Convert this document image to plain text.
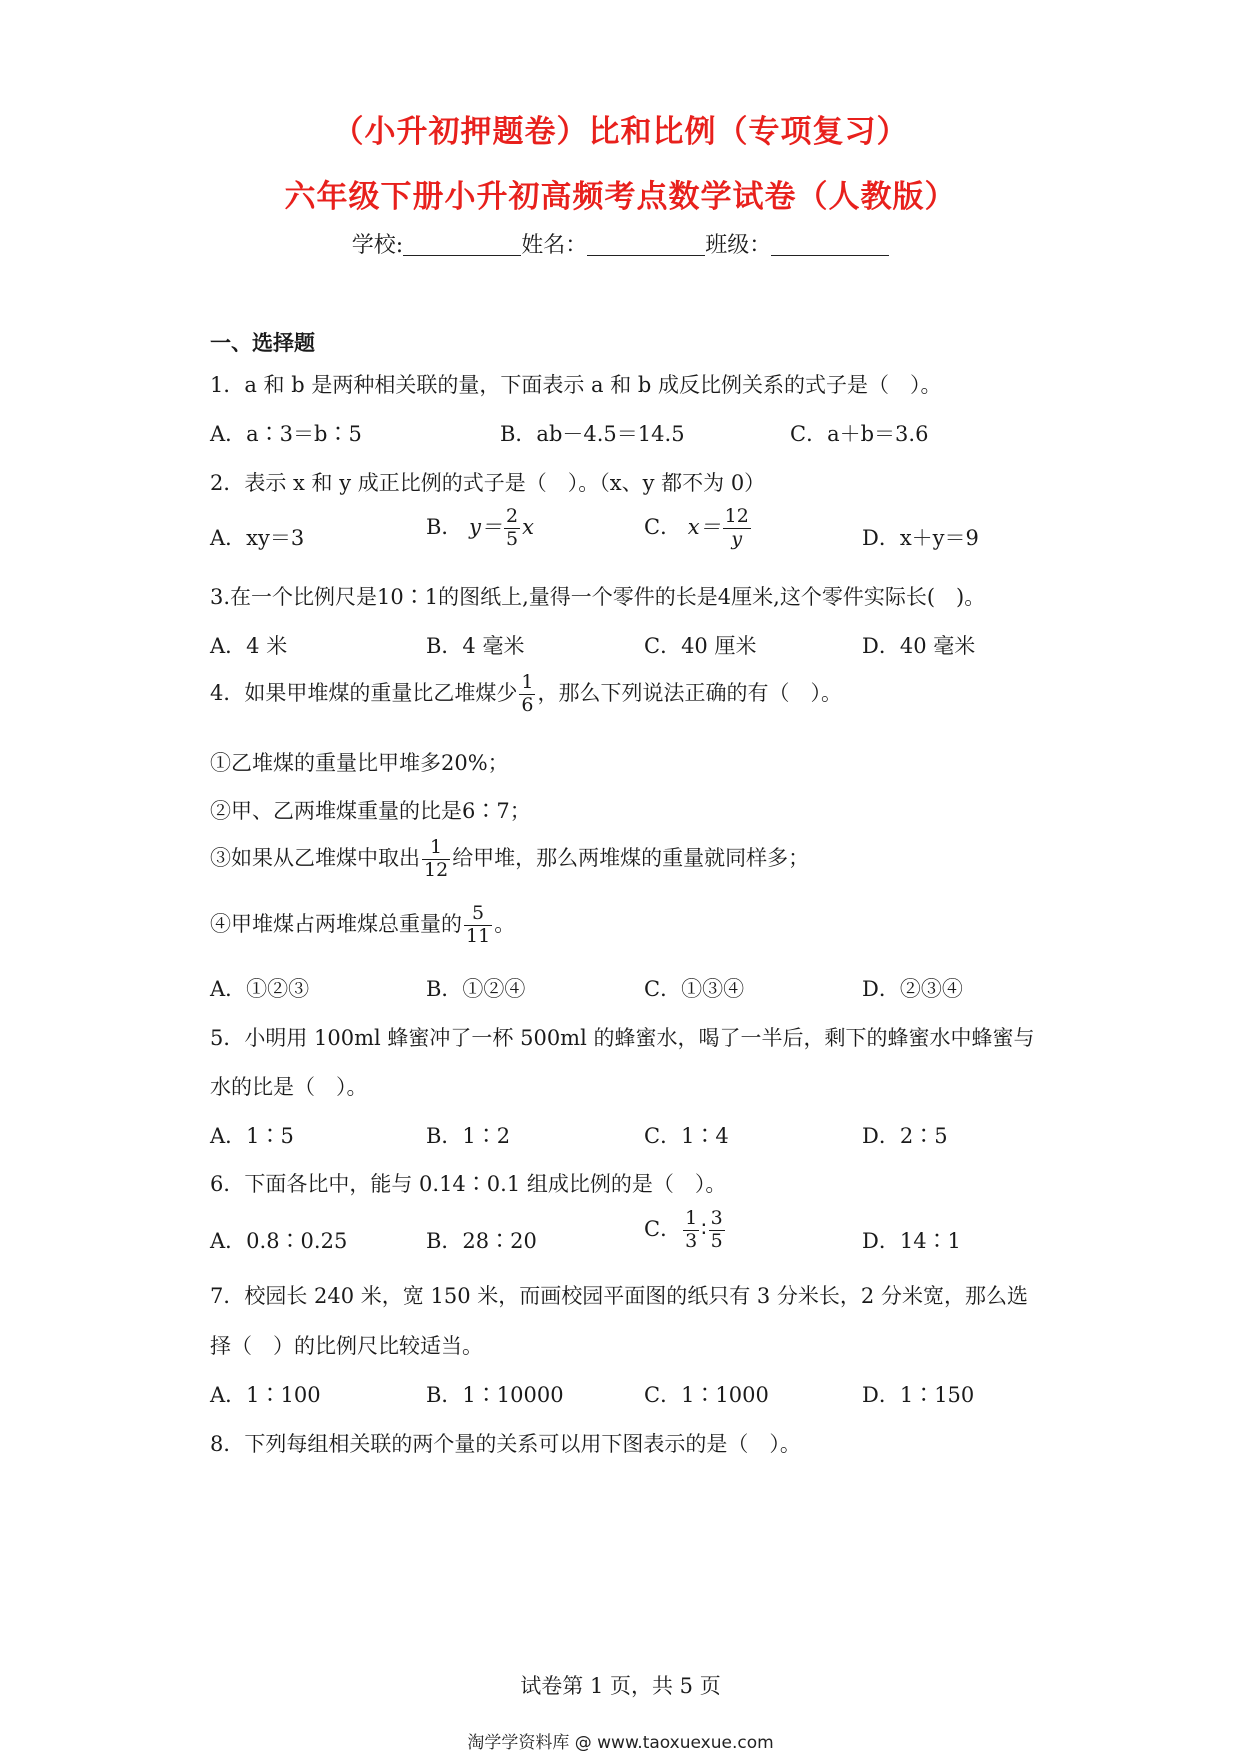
（小升初押题卷）比和比例（专项复习）
六年级下册小升初高频考点数学试卷（人教版）
学校:	姓名：	班级：
一、选择题
1．a 和 b 是两种相关联的量，下面表示 a 和 b 成反比例关系的式子是（　）。
A．a∶3＝b∶5	B．ab－4.5＝14.5	C．a＋b＝3.6
2．表示 x 和 y 成正比例的式子是（　）。（x、y 都不为 0）
A．xy＝3	B． $y= \frac{2}{5}$ x	C． $x= \frac{12}{y}$	D．x＋y＝9
3.在一个比例尺是10∶1的图纸上,量得一个零件的长是4厘米,这个零件实际长(　)。
A．4 米	B．4 毫米	C．40 厘米	D．40 毫米
4．如果甲堆煤的重量比乙堆煤少 $\frac{1}{6}$ ，那么下列说法正确的有（　）。
①乙堆煤的重量比甲堆多20%；
②甲、乙两堆煤重量的比是6∶7；
③如果从乙堆煤中取出 $\frac{1}{12}$ 给甲堆，那么两堆煤的重量就同样多；
④甲堆煤占两堆煤总重量的 $\frac{5}{11}$ 。
A．①②③	B．①②④	C．①③④	D．②③④
5．小明用 100ml 蜂蜜冲了一杯 500ml 的蜂蜜水，喝了一半后，剩下的蜂蜜水中蜂蜜与
水的比是（　）。
A．1∶5	B．1∶2	C．1∶4	D．2∶5
6．下面各比中，能与 0.14∶0.1 组成比例的是（　）。
A．0.8∶0.25	B．28∶20
C． $\frac{1}{3}$ ∶ $\frac{3}{5}$	D．14∶1
7．校园长 240 米，宽 150 米，而画校园平面图的纸只有 3 分米长，2 分米宽，那么选
择（　）的比例尺比较适当。
A．1∶100	B．1∶10000	C．1∶1000	D．1∶150
8．下列每组相关联的两个量的关系可以用下图表示的是（　）。
试卷第 1 页，共 5 页
淘学学资料库 @ www.taoxuexue.com
